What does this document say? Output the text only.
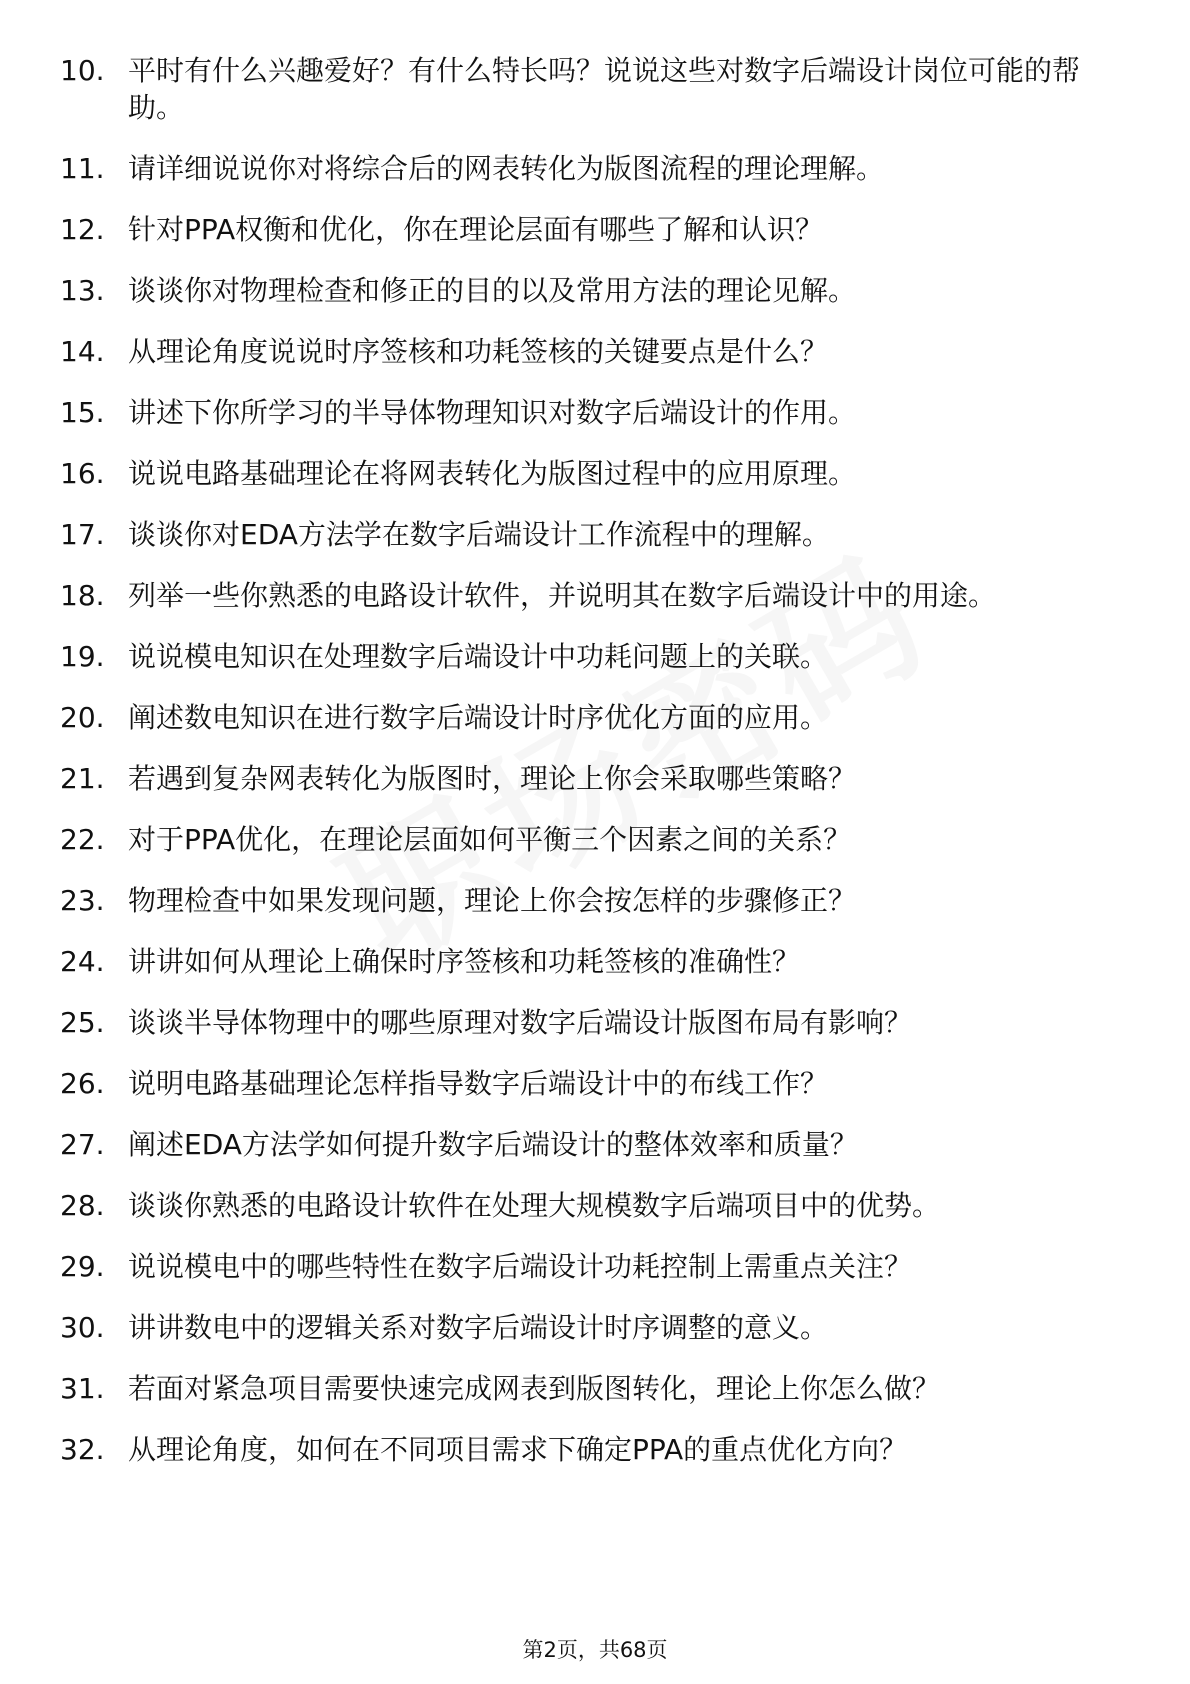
10. 平时有什么兴趣爱好？有什么特长吗？说说这些对数字后端设计岗位可能的帮助。
11. 请详细说说你对将综合后的网表转化为版图流程的理论理解。
12. 针对PPA权衡和优化，你在理论层面有哪些了解和认识？
13. 谈谈你对物理检查和修正的目的以及常用方法的理论见解。
14. 从理论角度说说时序签核和功耗签核的关键要点是什么？
15. 讲述下你所学习的半导体物理知识对数字后端设计的作用。
16. 说说电路基础理论在将网表转化为版图过程中的应用原理。
17. 谈谈你对EDA方法学在数字后端设计工作流程中的理解。
18. 列举一些你熟悉的电路设计软件，并说明其在数字后端设计中的用途。
19. 说说模电知识在处理数字后端设计中功耗问题上的关联。
20. 阐述数电知识在进行数字后端设计时序优化方面的应用。
21. 若遇到复杂网表转化为版图时，理论上你会采取哪些策略？
22. 对于PPA优化，在理论层面如何平衡三个因素之间的关系？
23. 物理检查中如果发现问题，理论上你会按怎样的步骤修正？
24. 讲讲如何从理论上确保时序签核和功耗签核的准确性？
25. 谈谈半导体物理中的哪些原理对数字后端设计版图布局有影响？
26. 说明电路基础理论怎样指导数字后端设计中的布线工作？
27. 阐述EDA方法学如何提升数字后端设计的整体效率和质量？
28. 谈谈你熟悉的电路设计软件在处理大规模数字后端项目中的优势。
29. 说说模电中的哪些特性在数字后端设计功耗控制上需重点关注？
30. 讲讲数电中的逻辑关系对数字后端设计时序调整的意义。
31. 若面对紧急项目需要快速完成网表到版图转化，理论上你怎么做？
32. 从理论角度，如何在不同项目需求下确定PPA的重点优化方向？
第2页，共68页
